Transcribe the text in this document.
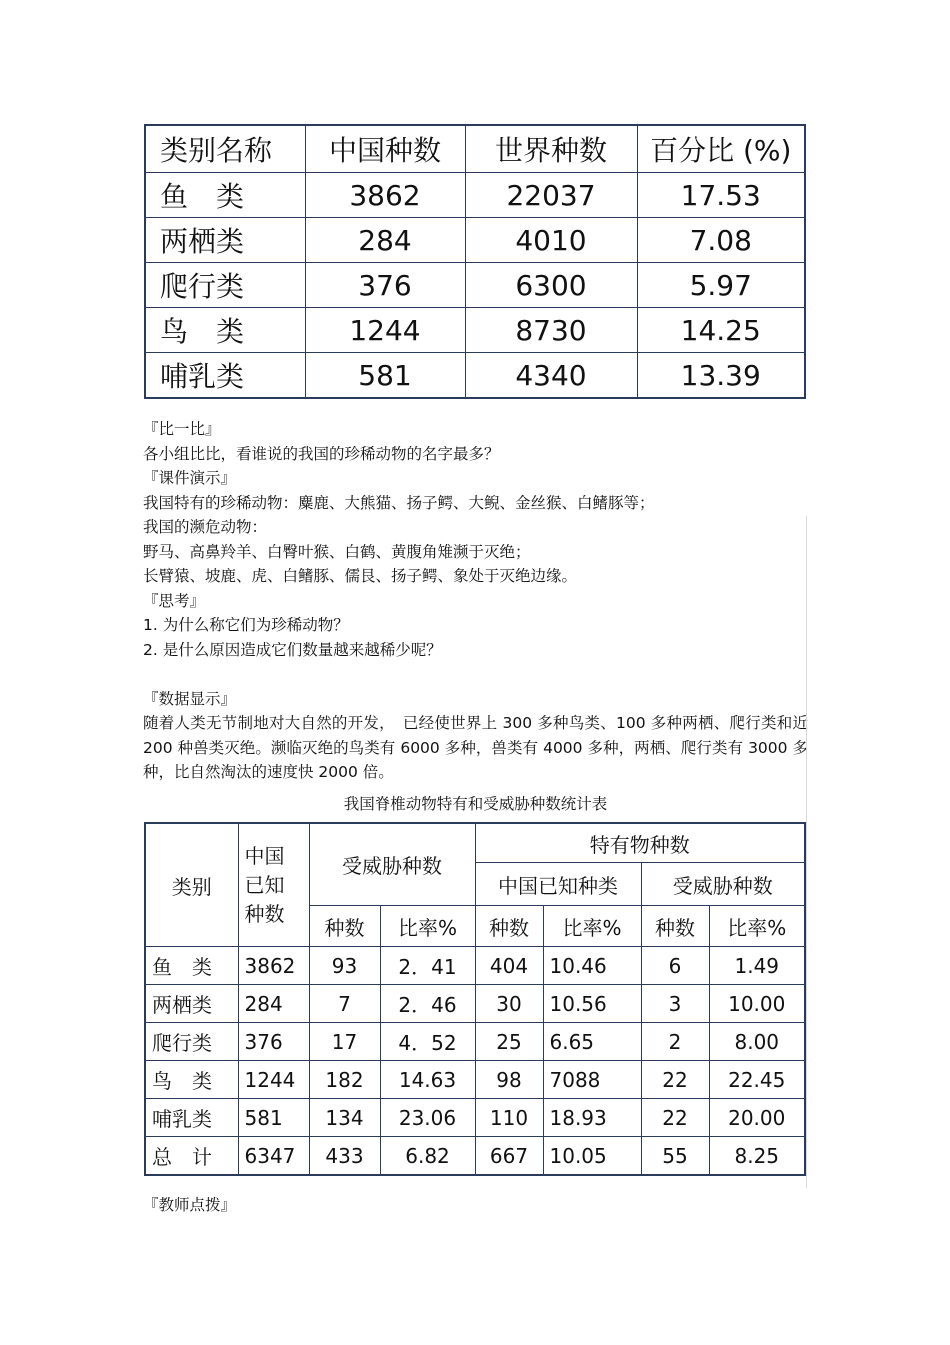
类别名称	中国种数	世界种数	百分比 (%)
鱼　类	3862	22037	17.53
两栖类	284	4010	7.08
爬行类	376	6300	5.97
鸟　类	1244	8730	14.25
哺乳类	581	4340	13.39
『比一比』
各小组比比，看谁说的我国的珍稀动物的名字最多？
『课件演示』
我国特有的珍稀动物：麋鹿、大熊猫、扬子鳄、大鲵、金丝猴、白鳍豚等；
我国的濒危动物：
野马、高鼻羚羊、白臀叶猴、白鹤、黄腹角雉濒于灭绝；
长臂猿、坡鹿、虎、白鳍豚、儒艮、扬子鳄、象处于灭绝边缘。
『思考』
1. 为什么称它们为珍稀动物？
2. 是什么原因造成它们数量越来越稀少呢？
『数据显示』
随着人类无节制地对大自然的开发，　已经使世界上 300 多种鸟类、100 多种两栖、爬行类和近 200 种兽类灭绝。濒临灭绝的鸟类有 6000 多种，兽类有 4000 多种，两栖、爬行类有 3000 多种，比自然淘汰的速度快 2000 倍。
我国脊椎动物特有和受威胁种数统计表
类别	中国
已知
种数	受威胁种数		特有物种数			
				中国已知种类		受威胁种数	
		种数	比率%	种数	比率%	种数	比率%
鱼　类	3862	93	2．41	404	10.46	6	1.49
两栖类	284	7	2．46	30	10.56	3	10.00
爬行类	376	17	4．52	25	6.65	2	8.00
鸟　类	1244	182	14.63	98	7088	22	22.45
哺乳类	581	134	23.06	110	18.93	22	20.00
总　计	6347	433	6.82	667	10.05	55	8.25
『教师点拨』
